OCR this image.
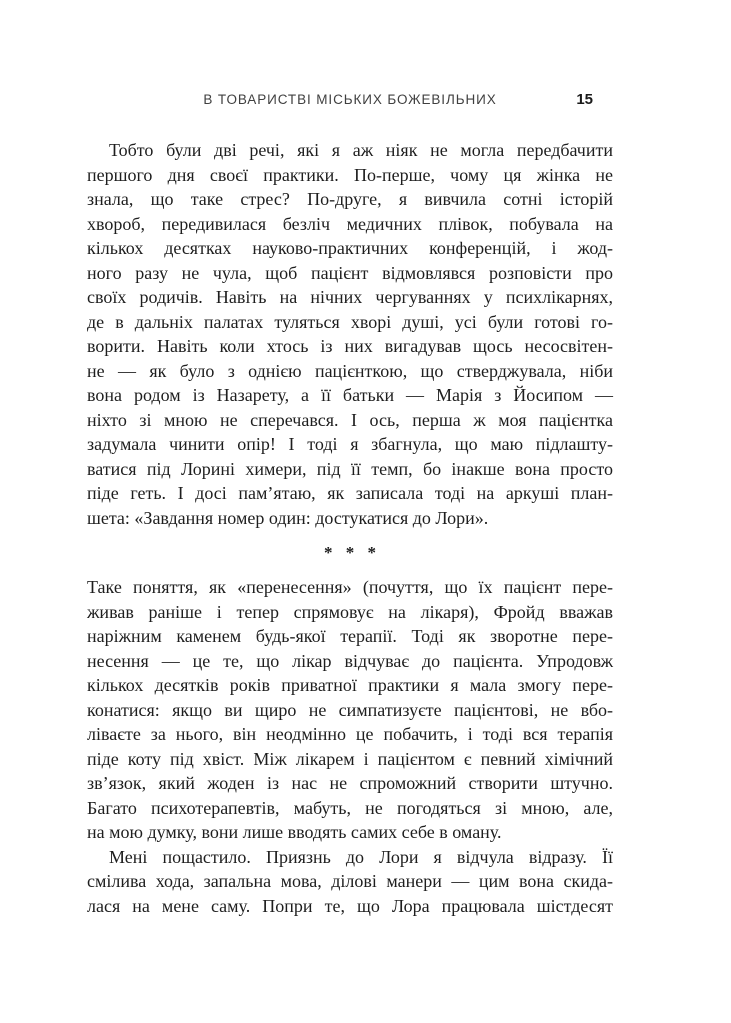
В ТОВАРИСТВІ МІСЬКИХ БОЖЕВІЛЬНИХ	15
Тобто були дві речі, які я аж ніяк не могла передбачити
першого дня своєї практики. По-перше, чому ця жінка не
знала, що таке стрес? По-друге, я вивчила сотні історій
хвороб, передивилася безліч медичних плівок, побувала на
кількох десятках науково-практичних конференцій, і жод-
ного разу не чула, щоб пацієнт відмовлявся розповісти про
своїх родичів. Навіть на нічних чергуваннях у психлікарнях,
де в дальніх палатах туляться хворі душі, усі були готові го-
ворити. Навіть коли хтось із них вигадував щось несосвітен-
не — як було з однією пацієнткою, що стверджувала, ніби
вона родом із Назарету, а її батьки — Марія з Йосипом —
ніхто зі мною не сперечався. І ось, перша ж моя пацієнтка
задумала чинити опір! І тоді я збагнула, що маю підлашту-
ватися під Лорині химери, під її темп, бо інакше вона просто
піде геть. І досі пам’ятаю, як записала тоді на аркуші план-
шета: «Завдання номер один: достукатися до Лори».
* * *
Таке поняття, як «перенесення» (почуття, що їх пацієнт пере-
живав раніше і тепер спрямовує на лікаря), Фройд вважав
наріжним каменем будь-якої терапії. Тоді як зворотне пере-
несення — це те, що лікар відчуває до пацієнта. Упродовж
кількох десятків років приватної практики я мала змогу пере-
конатися: якщо ви щиро не симпатизуєте пацієнтові, не вбо-
ліваєте за нього, він неодмінно це побачить, і тоді вся терапія
піде коту під хвіст. Між лікарем і пацієнтом є певний хімічний
зв’язок, який жоден із нас не спроможний створити штучно.
Багато психотерапевтів, мабуть, не погодяться зі мною, але,
на мою думку, вони лише вводять самих себе в оману.
Мені пощастило. Приязнь до Лори я відчула відразу. Її
смілива хода, запальна мова, ділові манери — цим вона скида-
лася на мене саму. Попри те, що Лора працювала шістдесят
